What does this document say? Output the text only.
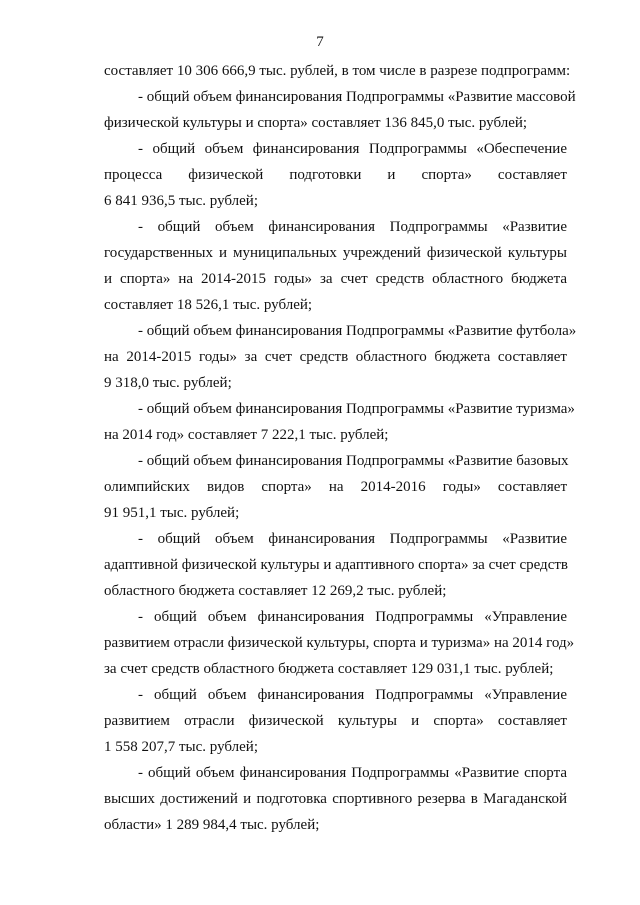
7
составляет 10 306 666,9 тыс. рублей, в том числе в разрезе подпрограмм:
- общий объем финансирования Подпрограммы «Развитие массовой
физической культуры и спорта» составляет 136 845,0 тыс. рублей;
- общий объем финансирования Подпрограммы «Обеспечение
процесса физической подготовки и спорта» составляет
6 841 936,5 тыс. рублей;
- общий объем финансирования Подпрограммы «Развитие
государственных и муниципальных учреждений физической культуры
и спорта» на 2014-2015 годы» за счет средств областного бюджета
составляет 18 526,1 тыс. рублей;
- общий объем финансирования Подпрограммы «Развитие футбола»
на 2014-2015 годы» за счет средств областного бюджета составляет
9 318,0 тыс. рублей;
- общий объем финансирования Подпрограммы «Развитие туризма»
на 2014 год» составляет 7 222,1 тыс. рублей;
- общий объем финансирования Подпрограммы «Развитие базовых
олимпийских видов спорта» на 2014-2016 годы» составляет
91 951,1 тыс. рублей;
- общий объем финансирования Подпрограммы «Развитие
адаптивной физической культуры и адаптивного спорта» за счет средств
областного бюджета составляет 12 269,2 тыс. рублей;
- общий объем финансирования Подпрограммы «Управление
развитием отрасли физической культуры, спорта и туризма» на 2014 год»
за счет средств областного бюджета составляет 129 031,1 тыс. рублей;
- общий объем финансирования Подпрограммы «Управление
развитием отрасли физической культуры и спорта» составляет
1 558 207,7 тыс. рублей;
- общий объем финансирования Подпрограммы «Развитие спорта
высших достижений и подготовка спортивного резерва в Магаданской
области» 1 289 984,4 тыс. рублей;
